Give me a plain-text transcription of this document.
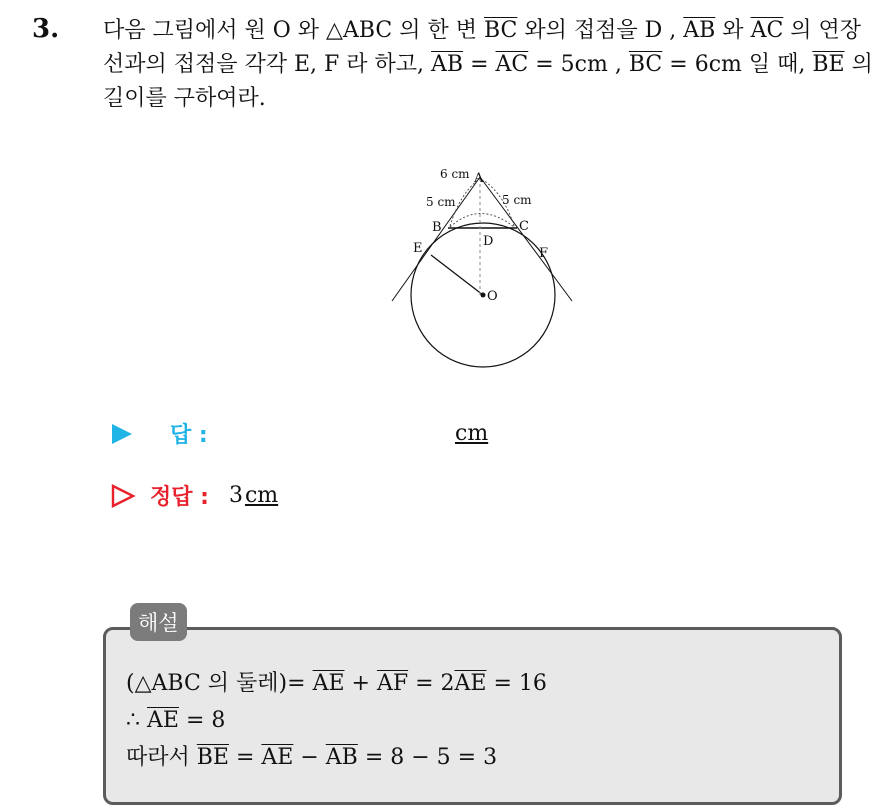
3. 다음 그림에서 원 O 와 △ABC 의 한 변 $\overline{BC}$ 와의 접점을 D , $\overline{AB}$ 와 $\overline{AC}$ 의 연장선과의 접점을 각각 E, F 라 하고, $\overline{AB} = \overline{AC} = 5cm$ , $\overline{BC} = 6cm$ 일 때, $\overline{BE}$ 의 길이를 구하여라.
6 cm A
5 cm	5 cm
B	C
D
E	F
O
답 :	cm
정답 : 3 cm
해설
(△ABC 의 둘레)= $\overline{AE} + \overline{AF} = 2\overline{AE} = 16$
∴ $\overline{AE} = 8$
따라서 $\overline{BE} = \overline{AE} - \overline{AB} = 8 - 5 = 3$
